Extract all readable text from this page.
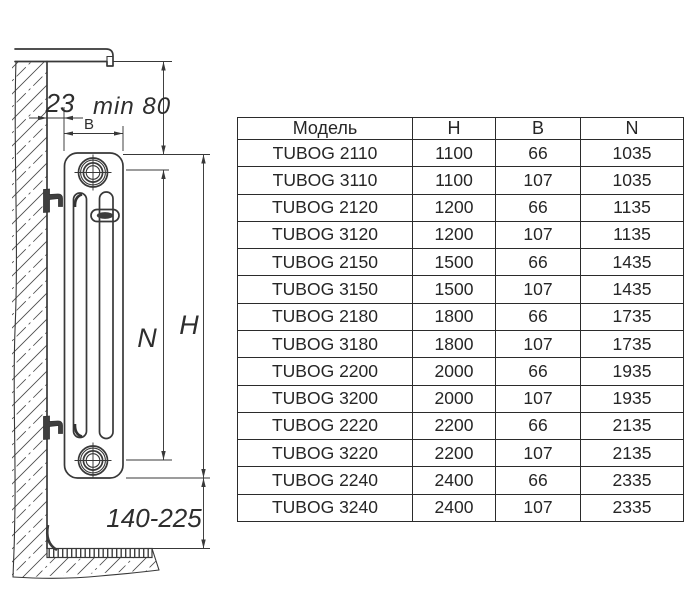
23
B
min 80
N H
140-225
Модель	H	B	N
TUBOG 2110	1100	66	1035
TUBOG 3110	1100	107	1035
TUBOG 2120	1200	66	1135
TUBOG 3120	1200	107	1135
TUBOG 2150	1500	66	1435
TUBOG 3150	1500	107	1435
TUBOG 2180	1800	66	1735
TUBOG 3180	1800	107	1735
TUBOG 2200	2000	66	1935
TUBOG 3200	2000	107	1935
TUBOG 2220	2200	66	2135
TUBOG 3220	2200	107	2135
TUBOG 2240	2400	66	2335
TUBOG 3240	2400	107	2335
